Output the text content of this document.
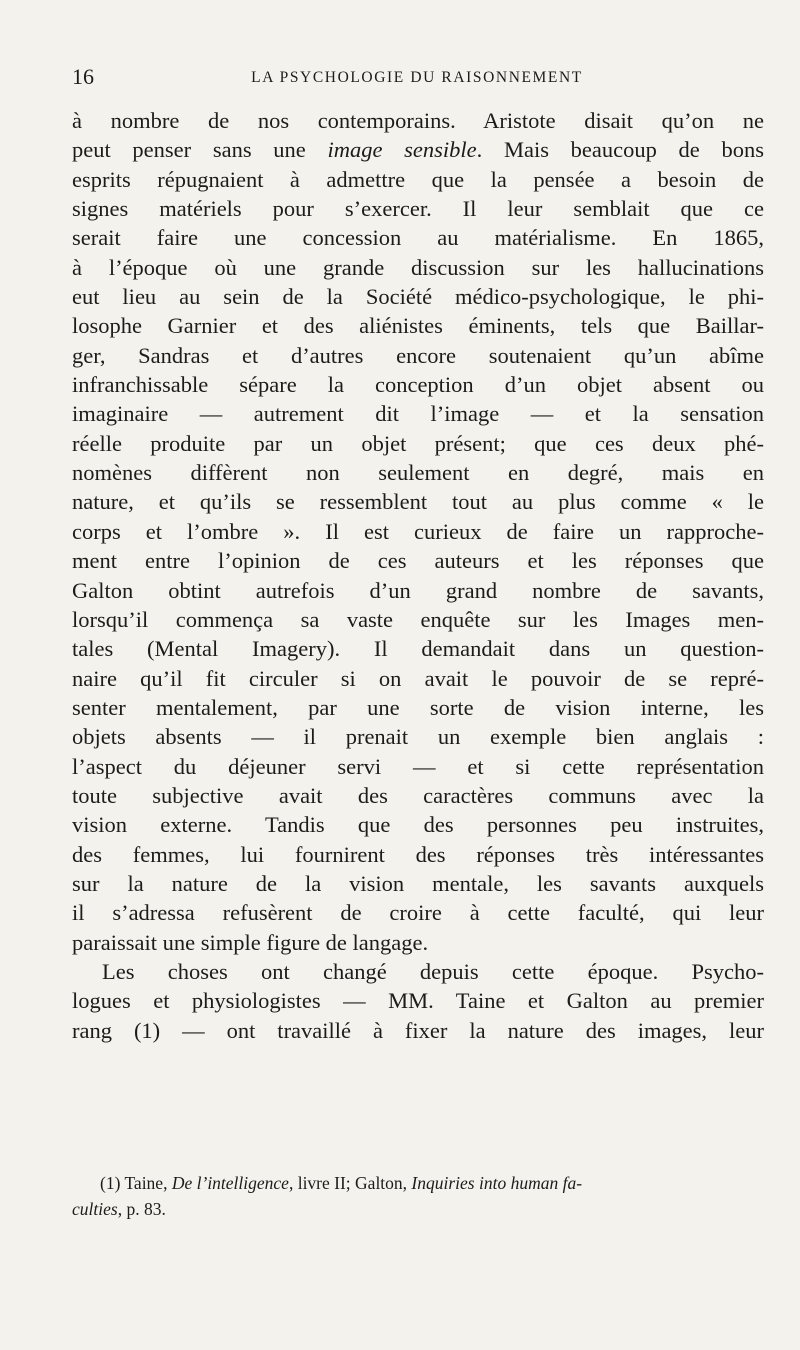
16	LA PSYCHOLOGIE DU RAISONNEMENT
à nombre de nos contemporains. Aristote disait qu’on ne
peut penser sans une image sensible. Mais beaucoup de bons
esprits répugnaient à admettre que la pensée a besoin de
signes matériels pour s’exercer. Il leur semblait que ce
serait faire une concession au matérialisme. En 1865,
à l’époque où une grande discussion sur les hallucinations
eut lieu au sein de la Société médico-psychologique, le phi-
losophe Garnier et des aliénistes éminents, tels que Baillar-
ger, Sandras et d’autres encore soutenaient qu’un abîme
infranchissable sépare la conception d’un objet absent ou
imaginaire — autrement dit l’image — et la sensation
réelle produite par un objet présent; que ces deux phé-
nomènes diffèrent non seulement en degré, mais en
nature, et qu’ils se ressemblent tout au plus comme « le
corps et l’ombre ». Il est curieux de faire un rapproche-
ment entre l’opinion de ces auteurs et les réponses que
Galton obtint autrefois d’un grand nombre de savants,
lorsqu’il commença sa vaste enquête sur les Images men-
tales (Mental Imagery). Il demandait dans un question-
naire qu’il fit circuler si on avait le pouvoir de se repré-
senter mentalement, par une sorte de vision interne, les
objets absents — il prenait un exemple bien anglais :
l’aspect du déjeuner servi — et si cette représentation
toute subjective avait des caractères communs avec la
vision externe. Tandis que des personnes peu instruites,
des femmes, lui fournirent des réponses très intéressantes
sur la nature de la vision mentale, les savants auxquels
il s’adressa refusèrent de croire à cette faculté, qui leur
paraissait une simple figure de langage.
Les choses ont changé depuis cette époque. Psycho-
logues et physiologistes — MM. Taine et Galton au premier
rang (1) — ont travaillé à fixer la nature des images, leur
(1) Taine, De l’intelligence, livre II; Galton, Inquiries into human fa-
culties, p. 83.
